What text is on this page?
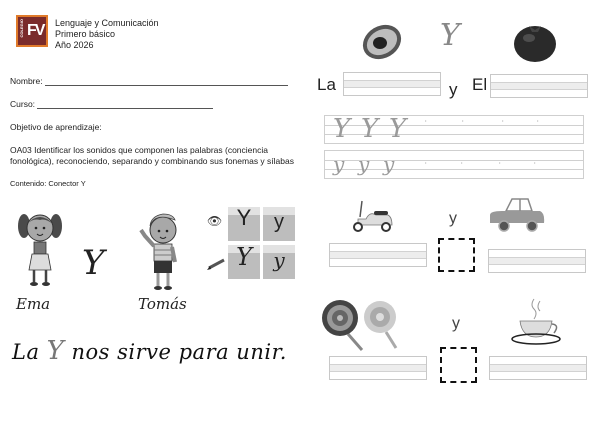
COLEGIO FV Lenguaje y Comunicación
Primero básico
Año 2026
Nombre:
Curso:
Objetivo de aprendizaje:
OA03 Identificar los sonidos que componen las palabras (conciencia
fonológica), reconociendo, separando y combinando sus fonemas y sílabas
Contenido: Conector Y
Ema
Y
Tomás
👁 Y	y
Y	y
La Y nos sirve para unir.
Y
La	y El
Y Y Y	•	•	•	•
y y y	•	•	•	•
y
y
